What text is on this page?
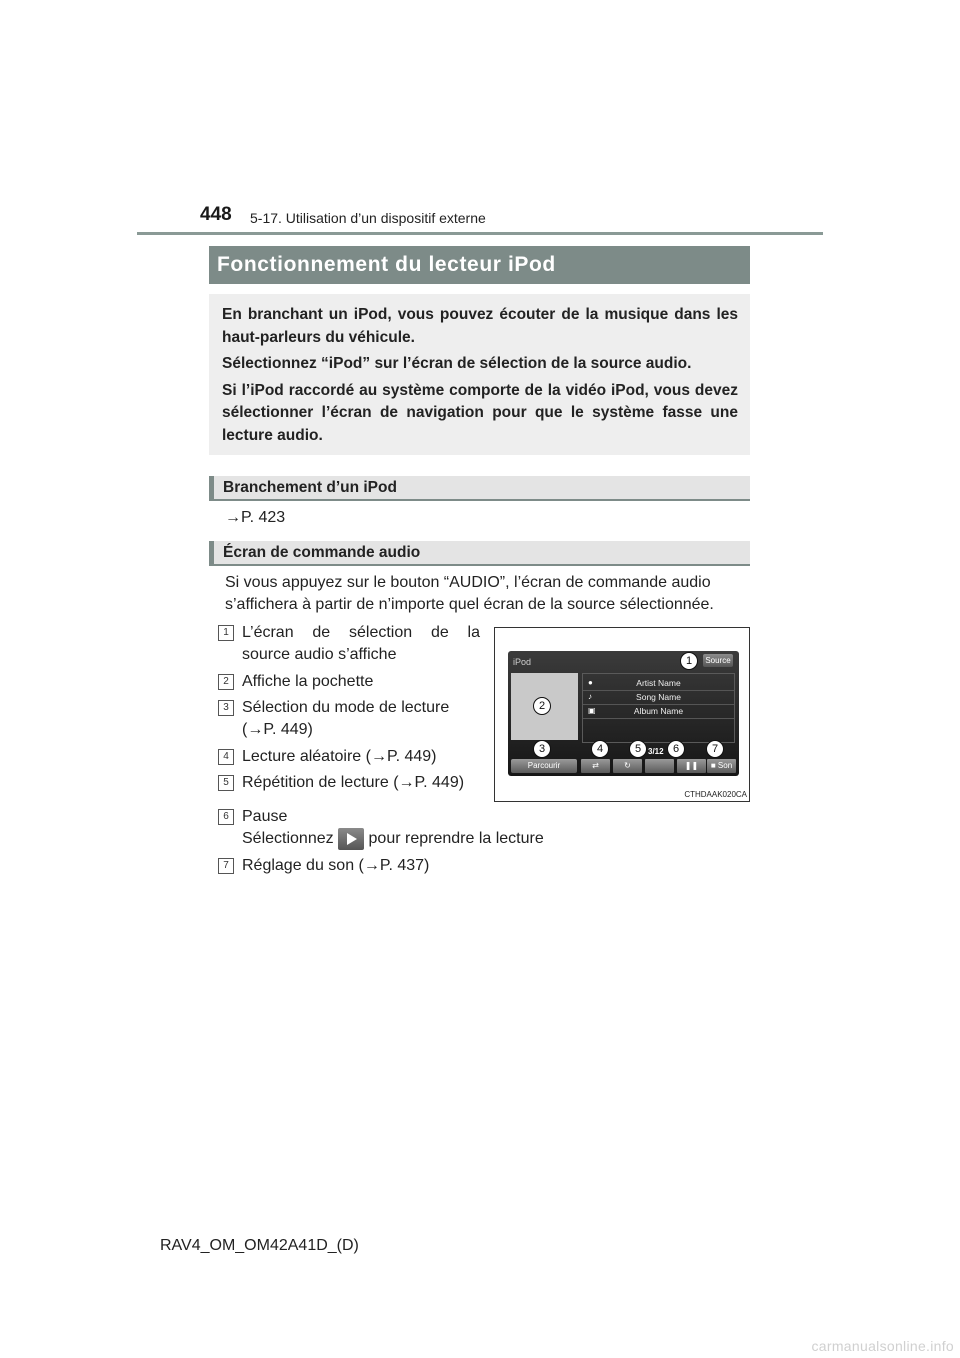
448 5-17. Utilisation d’un dispositif externe
Fonctionnement du lecteur iPod

En branchant un iPod, vous pouvez écouter de la musique dans les haut-parleurs du véhicule.

Sélectionnez “iPod” sur l’écran de sélection de la source audio.

Si l’iPod raccordé au système comporte de la vidéo iPod, vous devez sélectionner l’écran de navigation pour que le système fasse une lecture audio.

Branchement d’un iPod
→P. 423
Écran de commande audio
Si vous appuyez sur le bouton “AUDIO”, l’écran de commande audio
s’affichera à partir de n’importe quel écran de la source sélectionnée.
1 L’écran de sélection de la
source audio s’affiche
2 Affiche la pochette
3 Sélection du mode de lecture
(→P. 449)
4 Lecture aléatoire (→P. 449)
5 Répétition de lecture (→P. 449)
6 Pause
Sélectionnez pour reprendre la lecture
7 Réglage du son (→P. 437)
iPod	Source
●	Artist Name
♪	Song Name
▣	Album Name
3/12
Parcourir	⇄	↻	❚❚	■ Son
1
2
3	4	5	6	7
CTHDAAK020CA
RAV4_OM_OM42A41D_(D)
carmanualsonline.info
